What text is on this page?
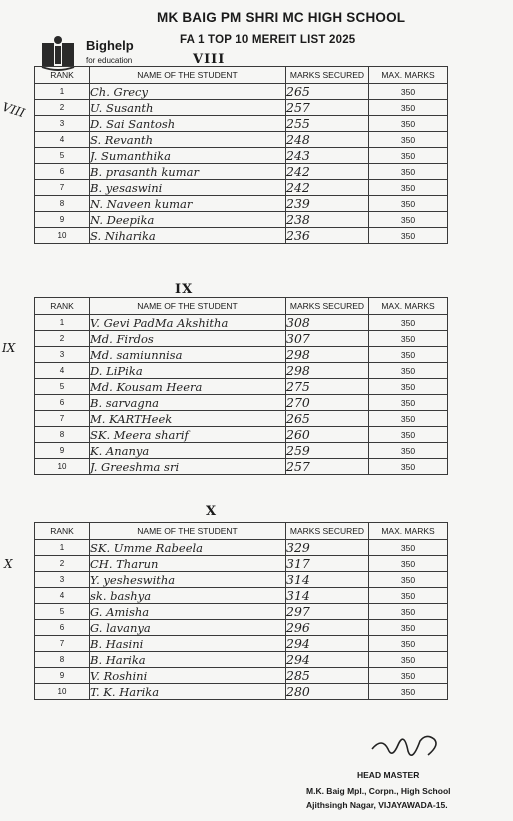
Bighelp
for education
MK BAIG PM SHRI MC HIGH SCHOOL
FA 1 TOP 10 MEREIT LIST 2025
VIII
VIII
RANK	NAME OF THE STUDENT	MARKS SECURED	MAX. MARKS
1	Ch. Grecy	265	350
2	U. Susanth	257	350
3	D. Sai Santosh	255	350
4	S. Revanth	248	350
5	J. Sumanthika	243	350
6	B. prasanth kumar	242	350
7	B. yesaswini	242	350
8	N. Naveen kumar	239	350
9	N. Deepika	238	350
10	S. Niharika	236	350
IX
IX
RANK	NAME OF THE STUDENT	MARKS SECURED	MAX. MARKS
1	V. Gevi PadMa Akshitha	308	350
2	Md. Firdos	307	350
3	Md. samiunnisa	298	350
4	D. LiPika	298	350
5	Md. Kousam Heera	275	350
6	B. sarvagna	270	350
7	M. KARTHeek	265	350
8	SK. Meera sharif	260	350
9	K. Ananya	259	350
10	J. Greeshma sri	257	350
X
X
RANK	NAME OF THE STUDENT	MARKS SECURED	MAX. MARKS
1	SK. Umme Rabeela	329	350
2	CH. Tharun	317	350
3	Y. yesheswitha	314	350
4	sk. bashya	314	350
5	G. Amisha	297	350
6	G. lavanya	296	350
7	B. Hasini	294	350
8	B. Harika	294	350
9	V. Roshini	285	350
10	T. K. Harika	280	350
HEAD MASTER
M.K. Baig Mpl., Corpn., High School
Ajithsingh Nagar, VIJAYAWADA-15.
